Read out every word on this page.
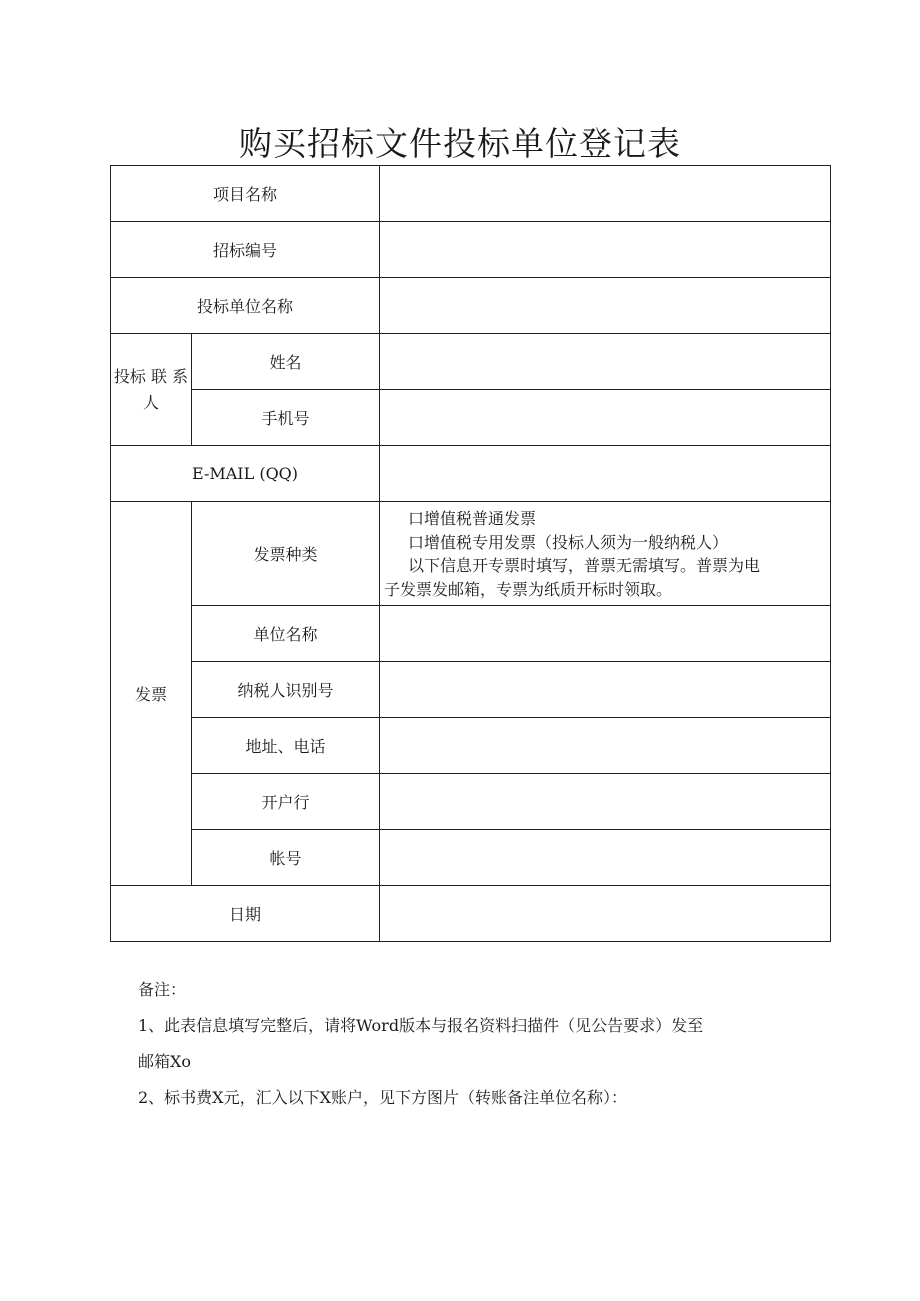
购买招标文件投标单位登记表
项目名称		
招标编号		
投标单位名称		
投标 联 系 人	姓名	
	手机号	
E-MAIL (QQ)		
发票	发票种类	口增值税普通发票
口增值税专用发票（投标人须为一般纳税人）
以下信息开专票时填写，普票无需填写。普票为电
子发票发邮箱，专票为纸质开标时领取。

	单位名称	
	纳税人识别号	
	地址、电话	
	开户行	
	帐号	
日期		

备注：

1、此表信息填写完整后，请将Word版本与报名资料扫描件（见公告要求）发至

邮箱Xo

2、标书费X元，汇入以下X账户，见下方图片（转账备注单位名称）：
